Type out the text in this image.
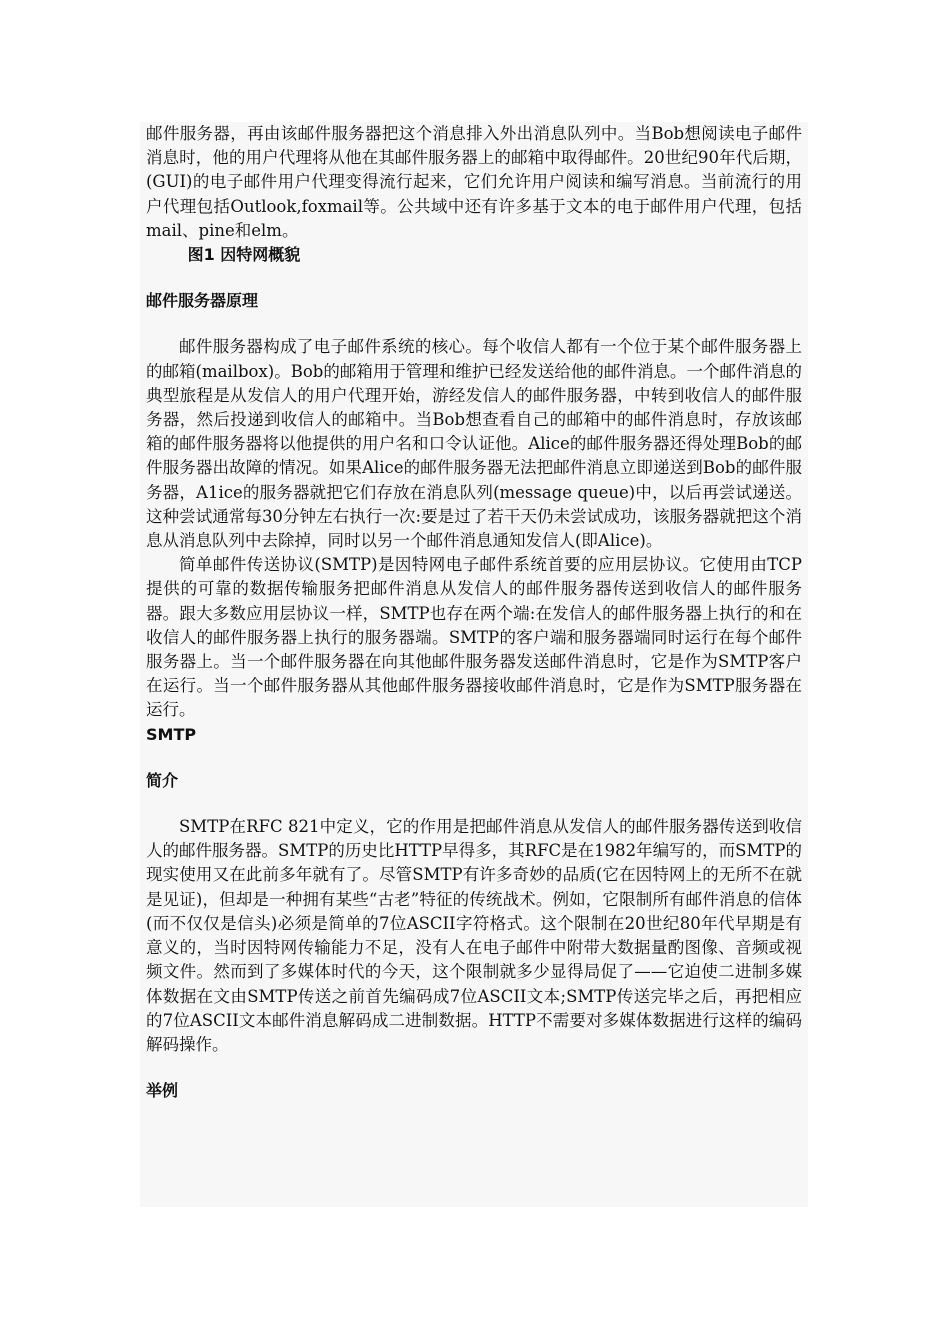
邮件服务器，再由该邮件服务器把这个消息排入外出消息队列中。当Bob想阅读电子邮件消息时，他的用户代理将从他在其邮件服务器上的邮箱中取得邮件。20世纪90年代后期， (GUI)的电子邮件用户代理变得流行起来，它们允许用户阅读和编写消息。当前流行的用户代理包括Outlook,foxmail等。公共域中还有许多基于文本的电于邮件用户代理，包括mail、pine和elm。

图1 因特网概貌

邮件服务器原理

邮件服务器构成了电子邮件系统的核心。每个收信人都有一个位于某个邮件服务器上的邮箱(mailbox)。Bob的邮箱用于管理和维护已经发送给他的邮件消息。一个邮件消息的典型旅程是从发信人的用户代理开始，游经发信人的邮件服务器，中转到收信人的邮件服务器，然后投递到收信人的邮箱中。当Bob想查看自己的邮箱中的邮件消息时，存放该邮箱的邮件服务器将以他提供的用户名和口令认证他。Alice的邮件服务器还得处理Bob的邮件服务器出故障的情况。如果Alice的邮件服务器无法把邮件消息立即递送到Bob的邮件服务器，A1ice的服务器就把它们存放在消息队列(message queue)中，以后再尝试递送。这种尝试通常每30分钟左右执行一次:要是过了若干天仍未尝试成功，该服务器就把这个消息从消息队列中去除掉，同时以另一个邮件消息通知发信人(即Alice)。

简单邮件传送协议(SMTP)是因特网电子邮件系统首要的应用层协议。它使用由TCP提供的可靠的数据传输服务把邮件消息从发信人的邮件服务器传送到收信人的邮件服务器。跟大多数应用层协议一样，SMTP也存在两个端:在发信人的邮件服务器上执行的和在收信人的邮件服务器上执行的服务器端。SMTP的客户端和服务器端同时运行在每个邮件服务器上。当一个邮件服务器在向其他邮件服务器发送邮件消息时，它是作为SMTP客户在运行。当一个邮件服务器从其他邮件服务器接收邮件消息时，它是作为SMTP服务器在运行。

SMTP

简介

SMTP在RFC 821中定义，它的作用是把邮件消息从发信人的邮件服务器传送到收信人的邮件服务器。SMTP的历史比HTTP早得多，其RFC是在1982年编写的，而SMTP的现实使用又在此前多年就有了。尽管SMTP有许多奇妙的品质(它在因特网上的无所不在就是见证)，但却是一种拥有某些“古老”特征的传统战术。例如，它限制所有邮件消息的信体(而不仅仅是信头)必须是简单的7位ASCII字符格式。这个限制在20世纪80年代早期是有意义的，当时因特网传输能力不足，没有人在电子邮件中附带大数据量酌图像、音频或视频文件。然而到了多媒体时代的今天，这个限制就多少显得局促了——它迫使二进制多媒体数据在文由SMTP传送之前首先编码成7位ASCII文本;SMTP传送完毕之后，再把相应的7位ASCII文本邮件消息解码成二进制数据。HTTP不需要对多媒体数据进行这样的编码解码操作。

举例
